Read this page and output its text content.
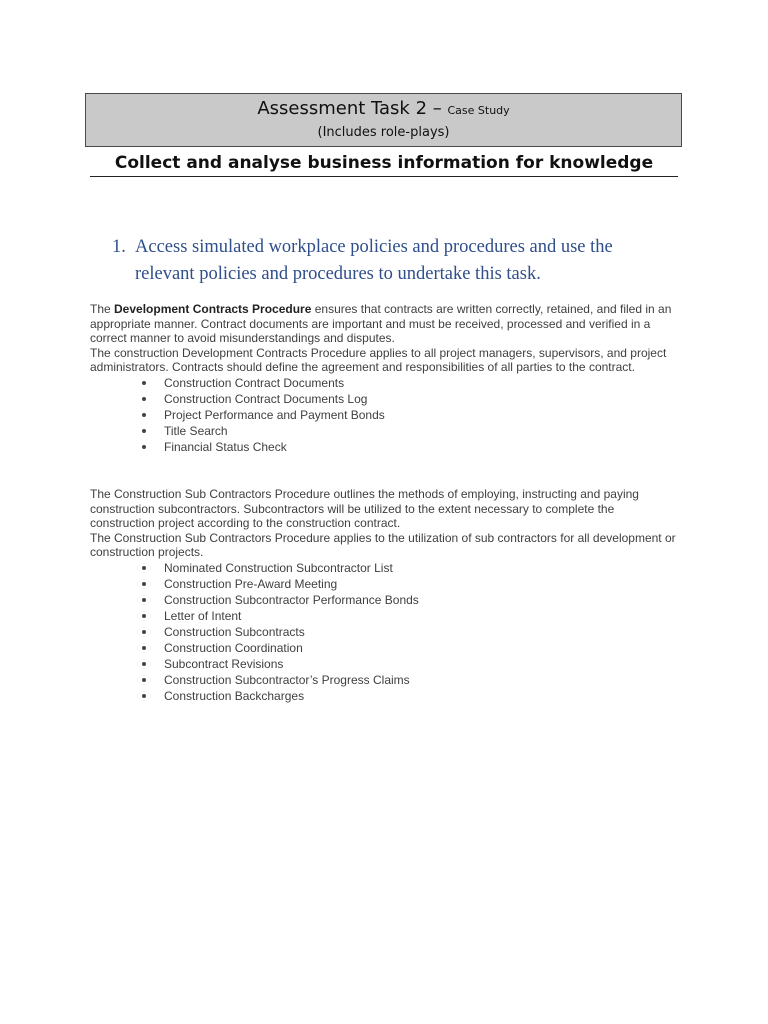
Assessment Task 2 – Case Study
(Includes role-plays)
Collect and analyse business information for knowledge
1. Access simulated workplace policies and procedures and use the relevant policies and procedures to undertake this task.

The Development Contracts Procedure ensures that contracts are written correctly, retained, and filed in an appropriate manner. Contract documents are important and must be received, processed and verified in a correct manner to avoid misunderstandings and disputes.

The construction Development Contracts Procedure applies to all project managers, supervisors, and project administrators. Contracts should define the agreement and responsibilities of all parties to the contract.

Construction Contract Documents
Construction Contract Documents Log
Project Performance and Payment Bonds
Title Search
Financial Status Check

The Construction Sub Contractors Procedure outlines the methods of employing, instructing and paying construction subcontractors. Subcontractors will be utilized to the extent necessary to complete the construction project according to the construction contract.

The Construction Sub Contractors Procedure applies to the utilization of sub contractors for all development or construction projects.

Nominated Construction Subcontractor List
Construction Pre-Award Meeting
Construction Subcontractor Performance Bonds
Letter of Intent
Construction Subcontracts
Construction Coordination
Subcontract Revisions
Construction Subcontractor’s Progress Claims
Construction Backcharges
